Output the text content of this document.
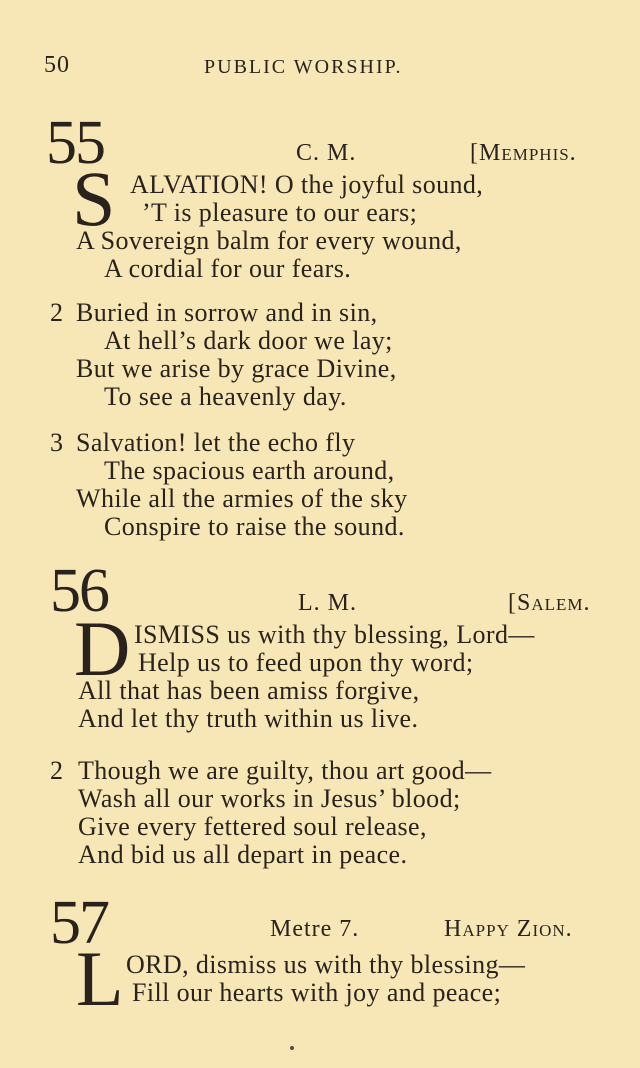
50	PUBLIC WORSHIP.
55	C. M.	[Memphis.
S ALVATION! O the joyful sound,
’T is pleasure to our ears;
A Sovereign balm for every wound,
A cordial for our fears.
2 Buried in sorrow and in sin,
At hell’s dark door we lay;
But we arise by grace Divine,
To see a heavenly day.
3 Salvation! let the echo fly
The spacious earth around,
While all the armies of the sky
Conspire to raise the sound.
56	L. M.	[Salem.
D ISMISS us with thy blessing, Lord—
Help us to feed upon thy word;
All that has been amiss forgive,
And let thy truth within us live.
2 Though we are guilty, thou art good—
Wash all our works in Jesus’ blood;
Give every fettered soul release,
And bid us all depart in peace.
57	Metre 7.	Happy Zion.
L ORD, dismiss us with thy blessing—
Fill our hearts with joy and peace;
